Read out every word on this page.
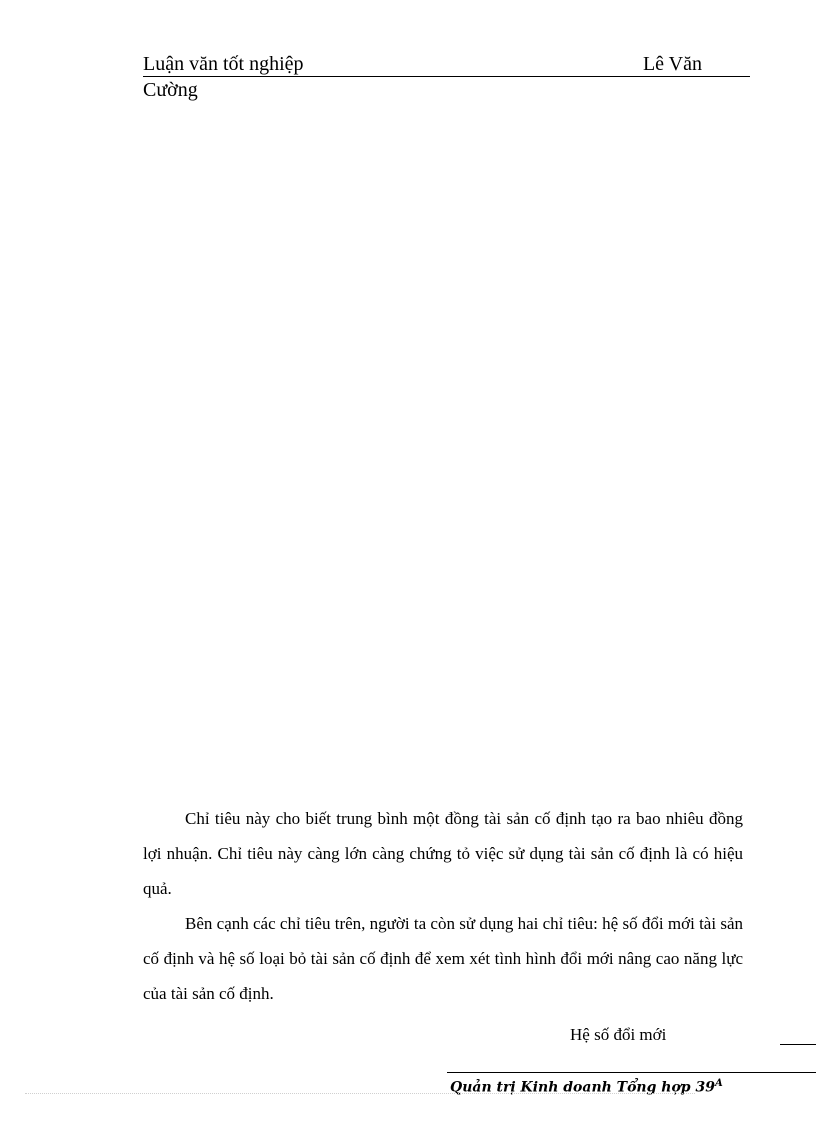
Luận văn tốt nghiệp	Lê Văn
Cường

Chỉ tiêu này cho biết trung bình một đồng tài sản cố định tạo ra bao nhiêu đồng lợi nhuận. Chỉ tiêu này càng lớn càng chứng tỏ việc sử dụng tài sản cố định là có hiệu quả.

Bên cạnh các chỉ tiêu trên, người ta còn sử dụng hai chỉ tiêu: hệ số đổi mới tài sản cố định và hệ số loại bỏ tài sản cố định để xem xét tình hình đổi mới nâng cao năng lực của tài sản cố định.

Hệ số đổi mới
Quản trị Kinh doanh Tổng hợp $39^A$
